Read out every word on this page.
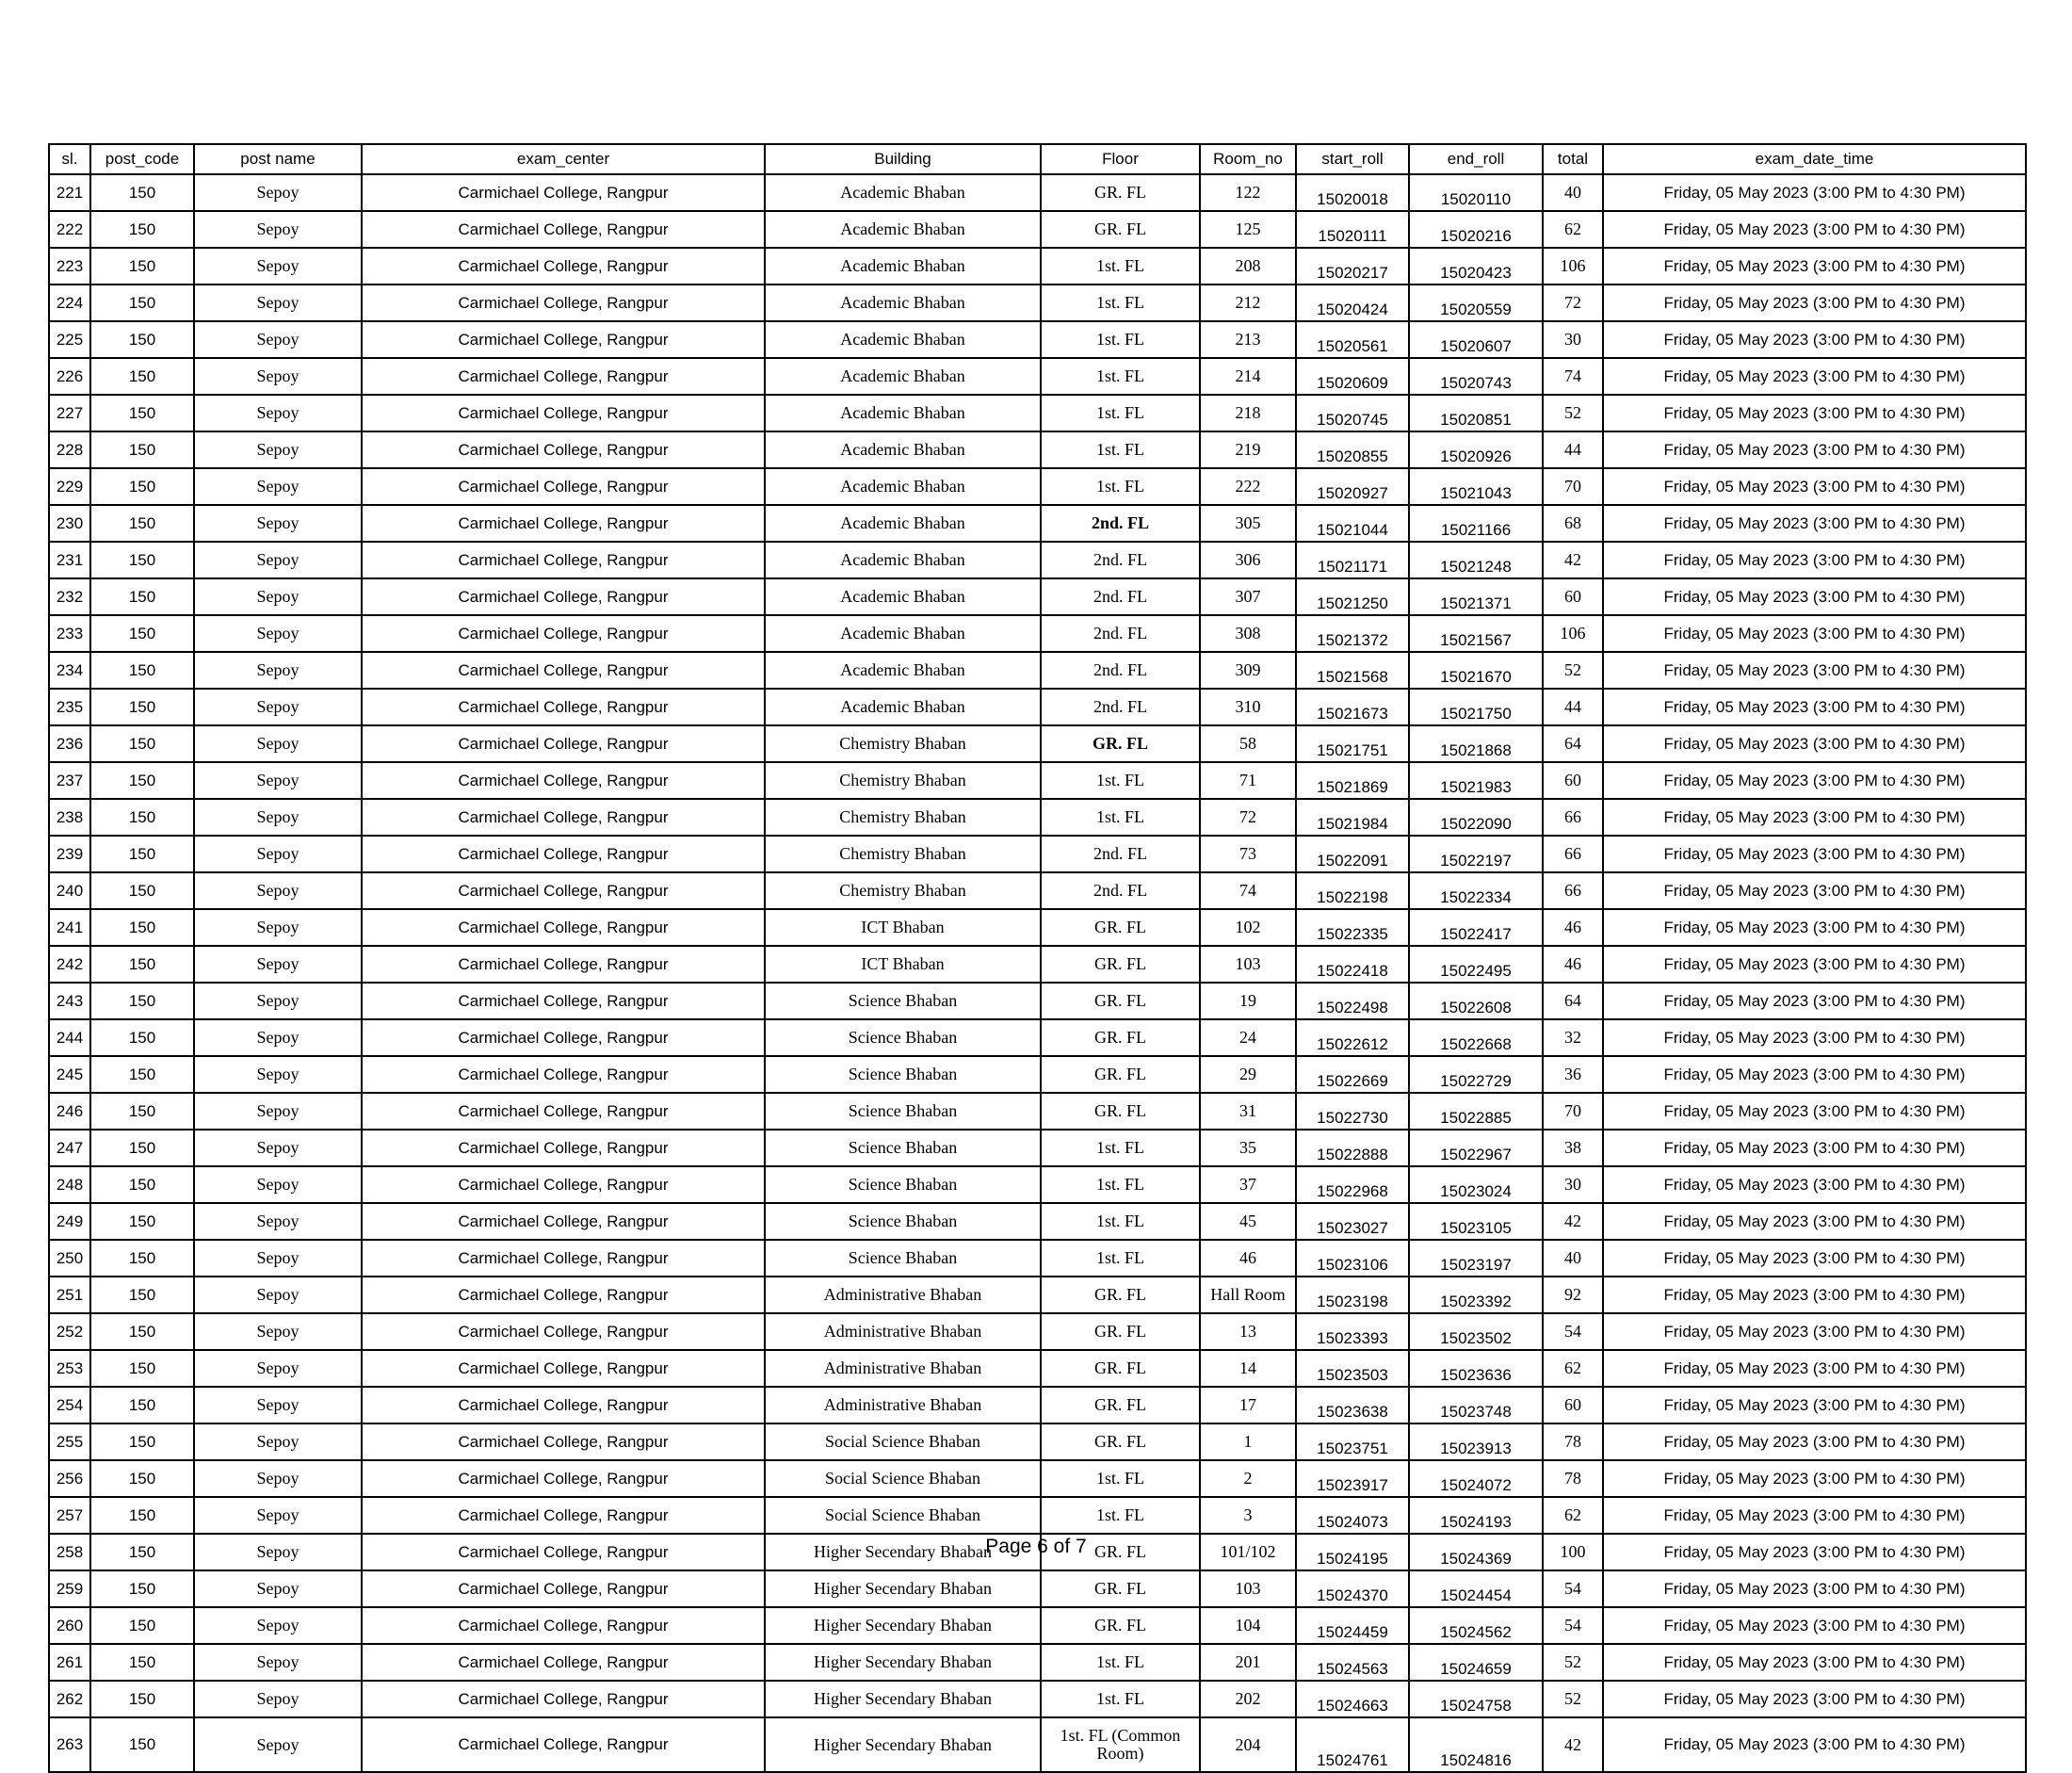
sl.	post_code	post name	exam_center	Building	Floor	Room_no	start_roll	end_roll	total	exam_date_time
221	150	Sepoy	Carmichael College, Rangpur	Academic Bhaban	GR. FL	122	15020018	15020110	40	Friday, 05 May 2023 (3:00 PM to 4:30 PM)
222	150	Sepoy	Carmichael College, Rangpur	Academic Bhaban	GR. FL	125	15020111	15020216	62	Friday, 05 May 2023 (3:00 PM to 4:30 PM)
223	150	Sepoy	Carmichael College, Rangpur	Academic Bhaban	1st. FL	208	15020217	15020423	106	Friday, 05 May 2023 (3:00 PM to 4:30 PM)
224	150	Sepoy	Carmichael College, Rangpur	Academic Bhaban	1st. FL	212	15020424	15020559	72	Friday, 05 May 2023 (3:00 PM to 4:30 PM)
225	150	Sepoy	Carmichael College, Rangpur	Academic Bhaban	1st. FL	213	15020561	15020607	30	Friday, 05 May 2023 (3:00 PM to 4:30 PM)
226	150	Sepoy	Carmichael College, Rangpur	Academic Bhaban	1st. FL	214	15020609	15020743	74	Friday, 05 May 2023 (3:00 PM to 4:30 PM)
227	150	Sepoy	Carmichael College, Rangpur	Academic Bhaban	1st. FL	218	15020745	15020851	52	Friday, 05 May 2023 (3:00 PM to 4:30 PM)
228	150	Sepoy	Carmichael College, Rangpur	Academic Bhaban	1st. FL	219	15020855	15020926	44	Friday, 05 May 2023 (3:00 PM to 4:30 PM)
229	150	Sepoy	Carmichael College, Rangpur	Academic Bhaban	1st. FL	222	15020927	15021043	70	Friday, 05 May 2023 (3:00 PM to 4:30 PM)
230	150	Sepoy	Carmichael College, Rangpur	Academic Bhaban	2nd. FL	305	15021044	15021166	68	Friday, 05 May 2023 (3:00 PM to 4:30 PM)
231	150	Sepoy	Carmichael College, Rangpur	Academic Bhaban	2nd. FL	306	15021171	15021248	42	Friday, 05 May 2023 (3:00 PM to 4:30 PM)
232	150	Sepoy	Carmichael College, Rangpur	Academic Bhaban	2nd. FL	307	15021250	15021371	60	Friday, 05 May 2023 (3:00 PM to 4:30 PM)
233	150	Sepoy	Carmichael College, Rangpur	Academic Bhaban	2nd. FL	308	15021372	15021567	106	Friday, 05 May 2023 (3:00 PM to 4:30 PM)
234	150	Sepoy	Carmichael College, Rangpur	Academic Bhaban	2nd. FL	309	15021568	15021670	52	Friday, 05 May 2023 (3:00 PM to 4:30 PM)
235	150	Sepoy	Carmichael College, Rangpur	Academic Bhaban	2nd. FL	310	15021673	15021750	44	Friday, 05 May 2023 (3:00 PM to 4:30 PM)
236	150	Sepoy	Carmichael College, Rangpur	Chemistry Bhaban	GR. FL	58	15021751	15021868	64	Friday, 05 May 2023 (3:00 PM to 4:30 PM)
237	150	Sepoy	Carmichael College, Rangpur	Chemistry Bhaban	1st. FL	71	15021869	15021983	60	Friday, 05 May 2023 (3:00 PM to 4:30 PM)
238	150	Sepoy	Carmichael College, Rangpur	Chemistry Bhaban	1st. FL	72	15021984	15022090	66	Friday, 05 May 2023 (3:00 PM to 4:30 PM)
239	150	Sepoy	Carmichael College, Rangpur	Chemistry Bhaban	2nd. FL	73	15022091	15022197	66	Friday, 05 May 2023 (3:00 PM to 4:30 PM)
240	150	Sepoy	Carmichael College, Rangpur	Chemistry Bhaban	2nd. FL	74	15022198	15022334	66	Friday, 05 May 2023 (3:00 PM to 4:30 PM)
241	150	Sepoy	Carmichael College, Rangpur	ICT Bhaban	GR. FL	102	15022335	15022417	46	Friday, 05 May 2023 (3:00 PM to 4:30 PM)
242	150	Sepoy	Carmichael College, Rangpur	ICT Bhaban	GR. FL	103	15022418	15022495	46	Friday, 05 May 2023 (3:00 PM to 4:30 PM)
243	150	Sepoy	Carmichael College, Rangpur	Science Bhaban	GR. FL	19	15022498	15022608	64	Friday, 05 May 2023 (3:00 PM to 4:30 PM)
244	150	Sepoy	Carmichael College, Rangpur	Science Bhaban	GR. FL	24	15022612	15022668	32	Friday, 05 May 2023 (3:00 PM to 4:30 PM)
245	150	Sepoy	Carmichael College, Rangpur	Science Bhaban	GR. FL	29	15022669	15022729	36	Friday, 05 May 2023 (3:00 PM to 4:30 PM)
246	150	Sepoy	Carmichael College, Rangpur	Science Bhaban	GR. FL	31	15022730	15022885	70	Friday, 05 May 2023 (3:00 PM to 4:30 PM)
247	150	Sepoy	Carmichael College, Rangpur	Science Bhaban	1st. FL	35	15022888	15022967	38	Friday, 05 May 2023 (3:00 PM to 4:30 PM)
248	150	Sepoy	Carmichael College, Rangpur	Science Bhaban	1st. FL	37	15022968	15023024	30	Friday, 05 May 2023 (3:00 PM to 4:30 PM)
249	150	Sepoy	Carmichael College, Rangpur	Science Bhaban	1st. FL	45	15023027	15023105	42	Friday, 05 May 2023 (3:00 PM to 4:30 PM)
250	150	Sepoy	Carmichael College, Rangpur	Science Bhaban	1st. FL	46	15023106	15023197	40	Friday, 05 May 2023 (3:00 PM to 4:30 PM)
251	150	Sepoy	Carmichael College, Rangpur	Administrative Bhaban	GR. FL	Hall Room	15023198	15023392	92	Friday, 05 May 2023 (3:00 PM to 4:30 PM)
252	150	Sepoy	Carmichael College, Rangpur	Administrative Bhaban	GR. FL	13	15023393	15023502	54	Friday, 05 May 2023 (3:00 PM to 4:30 PM)
253	150	Sepoy	Carmichael College, Rangpur	Administrative Bhaban	GR. FL	14	15023503	15023636	62	Friday, 05 May 2023 (3:00 PM to 4:30 PM)
254	150	Sepoy	Carmichael College, Rangpur	Administrative Bhaban	GR. FL	17	15023638	15023748	60	Friday, 05 May 2023 (3:00 PM to 4:30 PM)
255	150	Sepoy	Carmichael College, Rangpur	Social Science Bhaban	GR. FL	1	15023751	15023913	78	Friday, 05 May 2023 (3:00 PM to 4:30 PM)
256	150	Sepoy	Carmichael College, Rangpur	Social Science Bhaban	1st. FL	2	15023917	15024072	78	Friday, 05 May 2023 (3:00 PM to 4:30 PM)
257	150	Sepoy	Carmichael College, Rangpur	Social Science Bhaban	1st. FL	3	15024073	15024193	62	Friday, 05 May 2023 (3:00 PM to 4:30 PM)
258	150	Sepoy	Carmichael College, Rangpur	Higher Secendary Bhaban	GR. FL	101/102	15024195	15024369	100	Friday, 05 May 2023 (3:00 PM to 4:30 PM)
259	150	Sepoy	Carmichael College, Rangpur	Higher Secendary Bhaban	GR. FL	103	15024370	15024454	54	Friday, 05 May 2023 (3:00 PM to 4:30 PM)
260	150	Sepoy	Carmichael College, Rangpur	Higher Secendary Bhaban	GR. FL	104	15024459	15024562	54	Friday, 05 May 2023 (3:00 PM to 4:30 PM)
261	150	Sepoy	Carmichael College, Rangpur	Higher Secendary Bhaban	1st. FL	201	15024563	15024659	52	Friday, 05 May 2023 (3:00 PM to 4:30 PM)
262	150	Sepoy	Carmichael College, Rangpur	Higher Secendary Bhaban	1st. FL	202	15024663	15024758	52	Friday, 05 May 2023 (3:00 PM to 4:30 PM)
263	150	Sepoy	Carmichael College, Rangpur	Higher Secendary Bhaban	1st. FL (Common Room)	204	15024761	15024816	42	Friday, 05 May 2023 (3:00 PM to 4:30 PM)
Page 6 of 7
